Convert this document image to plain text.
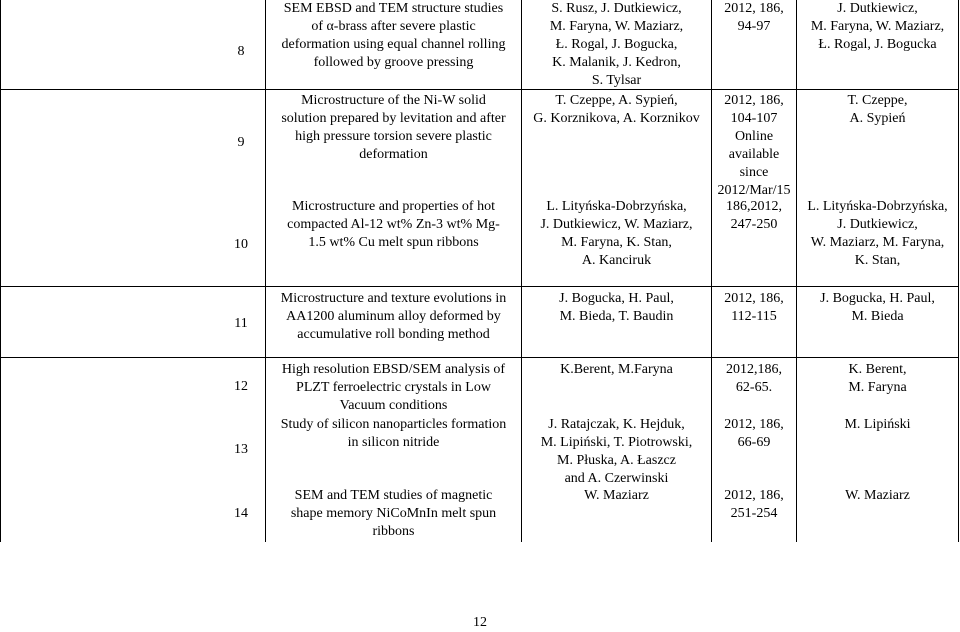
8
SEM EBSD and TEM structure studies
of α-brass after severe plastic
deformation using equal channel rolling
followed by groove pressing
S. Rusz, J. Dutkiewicz,
M. Faryna, W. Maziarz,
Ł. Rogal, J. Bogucka,
K. Malanik, J. Kedron,
S. Tylsar
2012, 186,
94-97
J. Dutkiewicz,
M. Faryna, W. Maziarz,
Ł. Rogal, J. Bogucka
9
Microstructure of the Ni-W solid
solution prepared by levitation and after
high pressure torsion severe plastic
deformation
T. Czeppe, A. Sypień,
G. Korznikova, A. Korznikov
2012, 186,
104-107
Online
available
since
2012/Mar/15
T. Czeppe,
A. Sypień
10
Microstructure and properties of hot
compacted Al-12 wt% Zn-3 wt% Mg-
1.5 wt% Cu melt spun ribbons
L. Lityńska-Dobrzyńska,
J. Dutkiewicz, W. Maziarz,
M. Faryna, K. Stan,
A. Kanciruk
186,2012,
247-250
L. Lityńska-Dobrzyńska,
J. Dutkiewicz,
W. Maziarz, M. Faryna,
K. Stan,
11
Microstructure and texture evolutions in
AA1200 aluminum alloy deformed by
accumulative roll bonding method
J. Bogucka, H. Paul,
M. Bieda, T. Baudin
2012, 186,
112-115
J. Bogucka, H. Paul,
M. Bieda
12
High resolution EBSD/SEM analysis of
PLZT ferroelectric crystals in Low
Vacuum conditions
K.Berent, M.Faryna	2012,186,
62-65.
K. Berent,
M. Faryna
13
Study of silicon nanoparticles formation
in silicon nitride
J. Ratajczak, K. Hejduk,
M. Lipiński, T. Piotrowski,
M. Płuska, A. Łaszcz
and A. Czerwinski
2012, 186,
66-69
M. Lipiński
14
SEM and TEM studies of magnetic
shape memory NiCoMnIn melt spun
ribbons
W. Maziarz	2012, 186,
251-254
W. Maziarz
12
